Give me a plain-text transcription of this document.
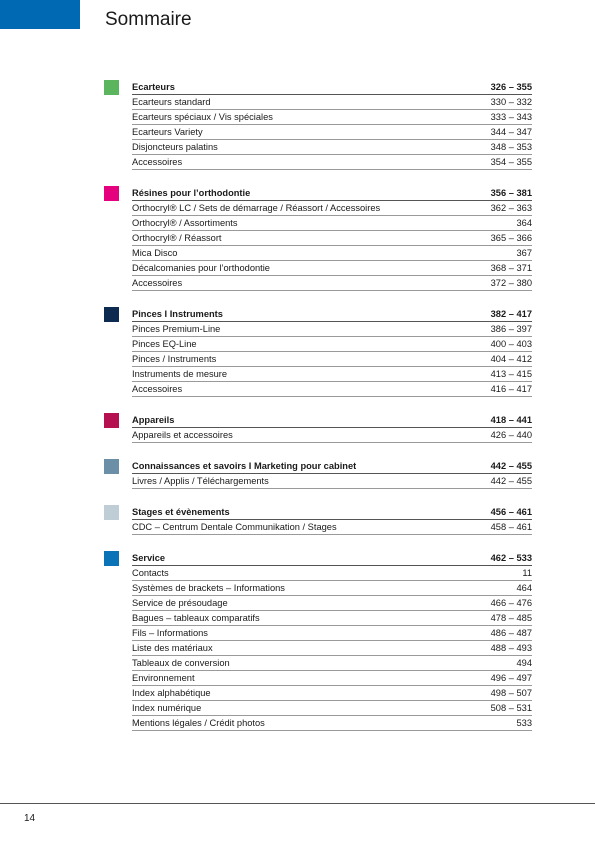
Sommaire
Ecarteurs	326 – 355
Ecarteurs standard	330 – 332
Ecarteurs spéciaux / Vis spéciales	333 – 343
Ecarteurs Variety	344 – 347
Disjoncteurs palatins	348 – 353
Accessoires	354 – 355
Résines pour l’orthodontie	356 – 381
Orthocryl® LC / Sets de démarrage / Réassort / Accessoires	362 – 363
Orthocryl® / Assortiments	364
Orthocryl® / Réassort	365 – 366
Mica Disco	367
Décalcomanies pour l’orthodontie	368 – 371
Accessoires	372 – 380
Pinces I Instruments	382 – 417
Pinces Premium-Line	386 – 397
Pinces EQ-Line	400 – 403
Pinces / Instruments	404 – 412
Instruments de mesure	413 – 415
Accessoires	416 – 417
Appareils	418 – 441
Appareils et accessoires	426 – 440
Connaissances et savoirs I Marketing pour cabinet	442 – 455
Livres / Applis / Téléchargements	442 – 455
Stages et évènements	456 – 461
CDC – Centrum Dentale Communikation / Stages	458 – 461
Service	462 – 533
Contacts	11
Systèmes de brackets – Informations	464
Service de présoudage	466 – 476
Bagues – tableaux comparatifs	478 – 485
Fils – Informations	486 – 487
Liste des matériaux	488 – 493
Tableaux de conversion	494
Environnement	496 – 497
Index alphabétique	498 – 507
Index numérique	508 – 531
Mentions légales / Crédit photos	533
14
